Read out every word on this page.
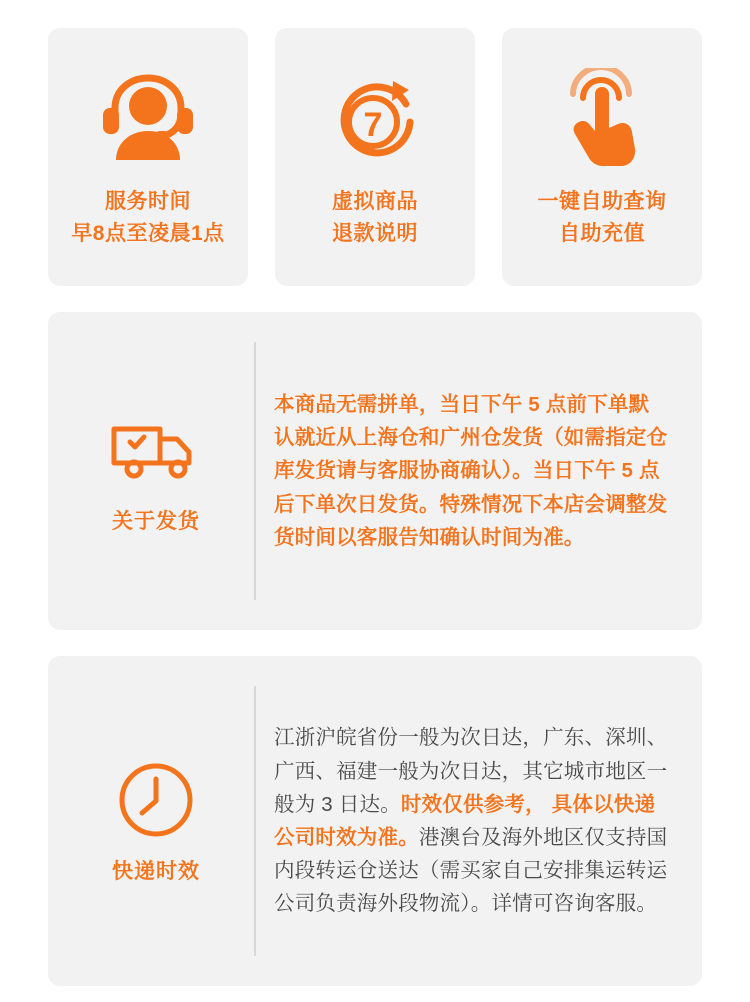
服务时间
早8点至凌晨1点
7
虚拟商品
退款说明
一键自助查询
自助充值
关于发货
本商品无需拼单，当日下午 5 点前下单默认就近从上海仓和广州仓发货（如需指定仓库发货请与客服协商确认）。当日下午 5 点后下单次日发货。特殊情况下本店会调整发货时间以客服告知确认时间为准。
快递时效
江浙沪皖省份一般为次日达，广东、深圳、广西、福建一般为次日达，其它城市地区一般为 3 日达。时效仅供参考， 具体以快递公司时效为准。港澳台及海外地区仅支持国内段转运仓送达（需买家自己安排集运转运公司负责海外段物流）。详情可咨询客服。
